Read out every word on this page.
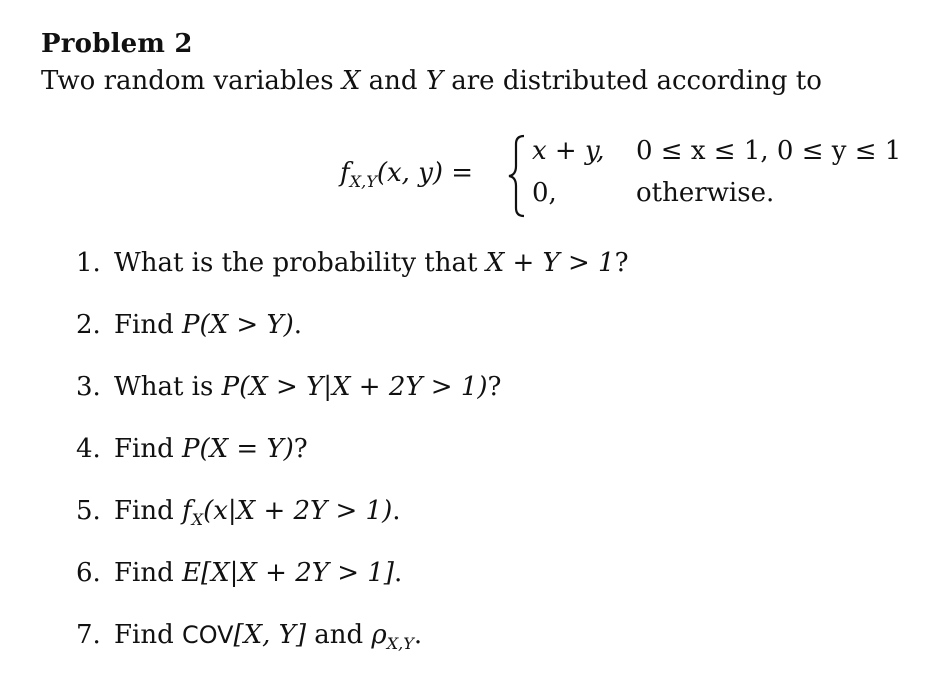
Problem 2
Two random variables X and Y are distributed according to
$f_{X,Y}(x$, y) =
x + y, 0 ≤ x ≤ 1, 0 ≤ y ≤ 1
0,	otherwise.
1. What is the probability that X + Y > 1?
2. Find P(X > Y).
3. What is P(X > Y|X + 2Y > 1)?
4. Find P(X = Y)?
5. Find $f_X(x|X + 2Y > 1)$.
6. Find E[X|X + 2Y > 1].
7. Find COV[X, Y] and $\rho_{X,Y}$.
